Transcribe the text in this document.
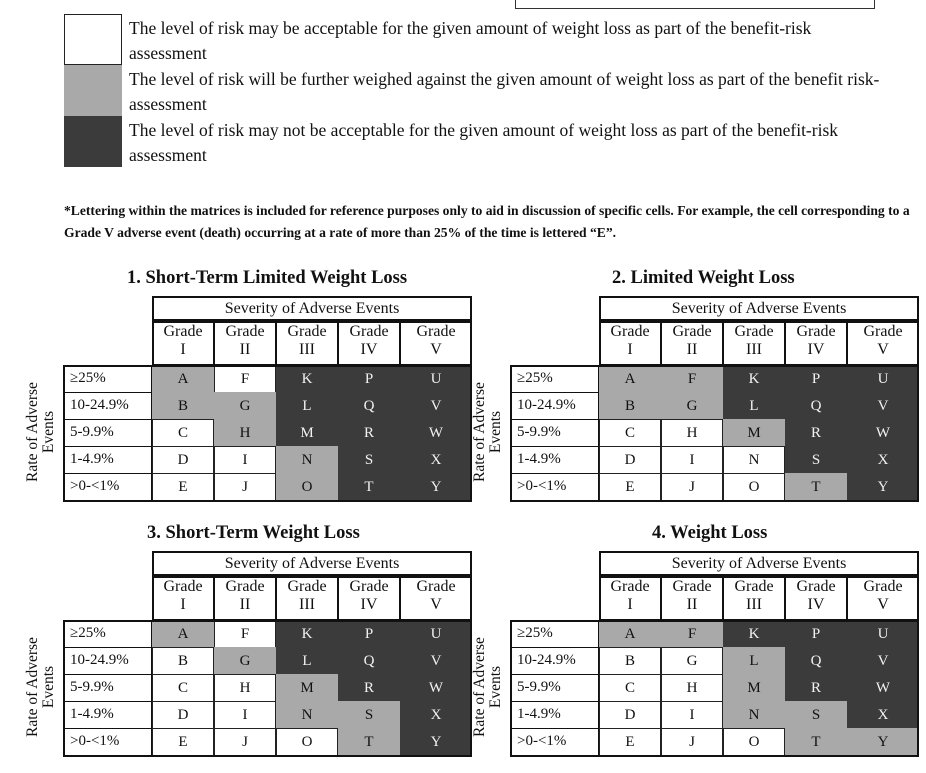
The level of risk may be acceptable for the given amount of weight loss as part of the benefit-risk assessment
The level of risk will be further weighed against the given amount of weight loss as part of the benefit risk-assessment
The level of risk may not be acceptable for the given amount of weight loss as part of the benefit-risk assessment
*Lettering within the matrices is included for reference purposes only to aid in discussion of specific cells. For example, the cell corresponding to a Grade V adverse event (death) occurring at a rate of more than 25% of the time is lettered “E”.
1. Short-Term Limited Weight Loss
Severity of Adverse Events
Grade
I
Grade
II
Grade
III
Grade
IV
Grade
V
≥25%	A	F	K	P	U
10-24.9%	B	G	L	Q	V
5-9.9%	C	H	M	R	W
1-4.9%	D	I	N	S	X
>0-<1%	E	J	O	T	Y
Rate of Adverse Events
2. Limited Weight Loss
Severity of Adverse Events
Grade
I
Grade
II
Grade
III
Grade
IV
Grade
V
≥25%	A	F	K	P	U
10-24.9%	B	G	L	Q	V
5-9.9%	C	H	M	R	W
1-4.9%	D	I	N	S	X
>0-<1%	E	J	O	T	Y
Rate of Adverse Events
3. Short-Term Weight Loss
Severity of Adverse Events
Grade
I
Grade
II
Grade
III
Grade
IV
Grade
V
≥25%	A	F	K	P	U
10-24.9%	B	G	L	Q	V
5-9.9%	C	H	M	R	W
1-4.9%	D	I	N	S	X
>0-<1%	E	J	O	T	Y
Rate of Adverse Events
4. Weight Loss
Severity of Adverse Events
Grade
I
Grade
II
Grade
III
Grade
IV
Grade
V
≥25%	A	F	K	P	U
10-24.9%	B	G	L	Q	V
5-9.9%	C	H	M	R	W
1-4.9%	D	I	N	S	X
>0-<1%	E	J	O	T	Y
Rate of Adverse Events
